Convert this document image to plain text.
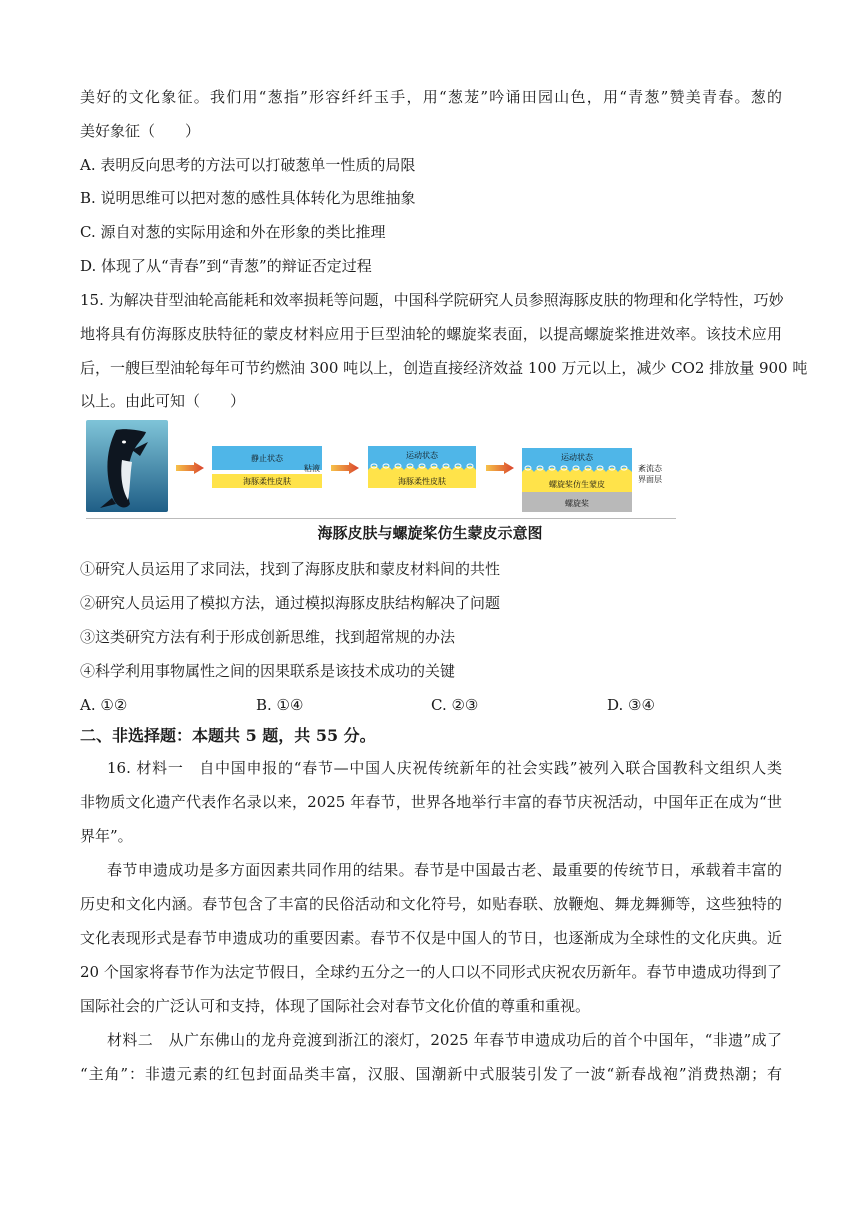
美好的文化象征。我们用“葱指”形容纤纤玉手，用“葱茏”吟诵田园山色，用“青葱”赞美青春。葱的
美好象征（　　）
A. 表明反向思考的方法可以打破葱单一性质的局限
B. 说明思维可以把对葱的感性具体转化为思维抽象
C. 源自对葱的实际用途和外在形象的类比推理
D. 体现了从“青春”到“青葱”的辩证否定过程
15. 为解决苷型油轮高能耗和效率损耗等问题，中国科学院研究人员参照海豚皮肤的物理和化学特性，巧妙
地将具有仿海豚皮肤特征的蒙皮材料应用于巨型油轮的螺旋桨表面，以提高螺旋桨推进效率。该技术应用
后，一艘巨型油轮每年可节约燃油 300 吨以上，创造直接经济效益 100 万元以上，减少 CO2 排放量 900 吨
以上。由此可知（　　）
静止状态
海豚柔性皮肤
粘液
运动状态
海豚柔性皮肤
运动状态
螺旋桨仿生蒙皮
螺旋桨
紊流态
界面层
海豚皮肤与螺旋桨仿生蒙皮示意图
①研究人员运用了求同法，找到了海豚皮肤和蒙皮材料间的共性
②研究人员运用了模拟方法，通过模拟海豚皮肤结构解决了问题
③这类研究方法有利于形成创新思维，找到超常规的办法
④科学利用事物属性之间的因果联系是该技术成功的关键
A. ①②	B. ①④	C. ②③	D. ③④
二、非选择题：本题共 5 题，共 55 分。
16. 材料一　自中国申报的“春节—中国人庆祝传统新年的社会实践”被列入联合国教科文组织人类
非物质文化遗产代表作名录以来，2025 年春节，世界各地举行丰富的春节庆祝活动，中国年正在成为“世
界年”。
春节申遗成功是多方面因素共同作用的结果。春节是中国最古老、最重要的传统节日，承载着丰富的
历史和文化内涵。春节包含了丰富的民俗活动和文化符号，如贴春联、放鞭炮、舞龙舞狮等，这些独特的
文化表现形式是春节申遗成功的重要因素。春节不仅是中国人的节日，也逐渐成为全球性的文化庆典。近
20 个国家将春节作为法定节假日，全球约五分之一的人口以不同形式庆祝农历新年。春节申遗成功得到了
国际社会的广泛认可和支持，体现了国际社会对春节文化价值的尊重和重视。
材料二　从广东佛山的龙舟竞渡到浙江的滚灯，2025 年春节申遗成功后的首个中国年，“非遗”成了
“主角”：非遗元素的红包封面品类丰富，汉服、国潮新中式服装引发了一波“新春战袍”消费热潮；有
